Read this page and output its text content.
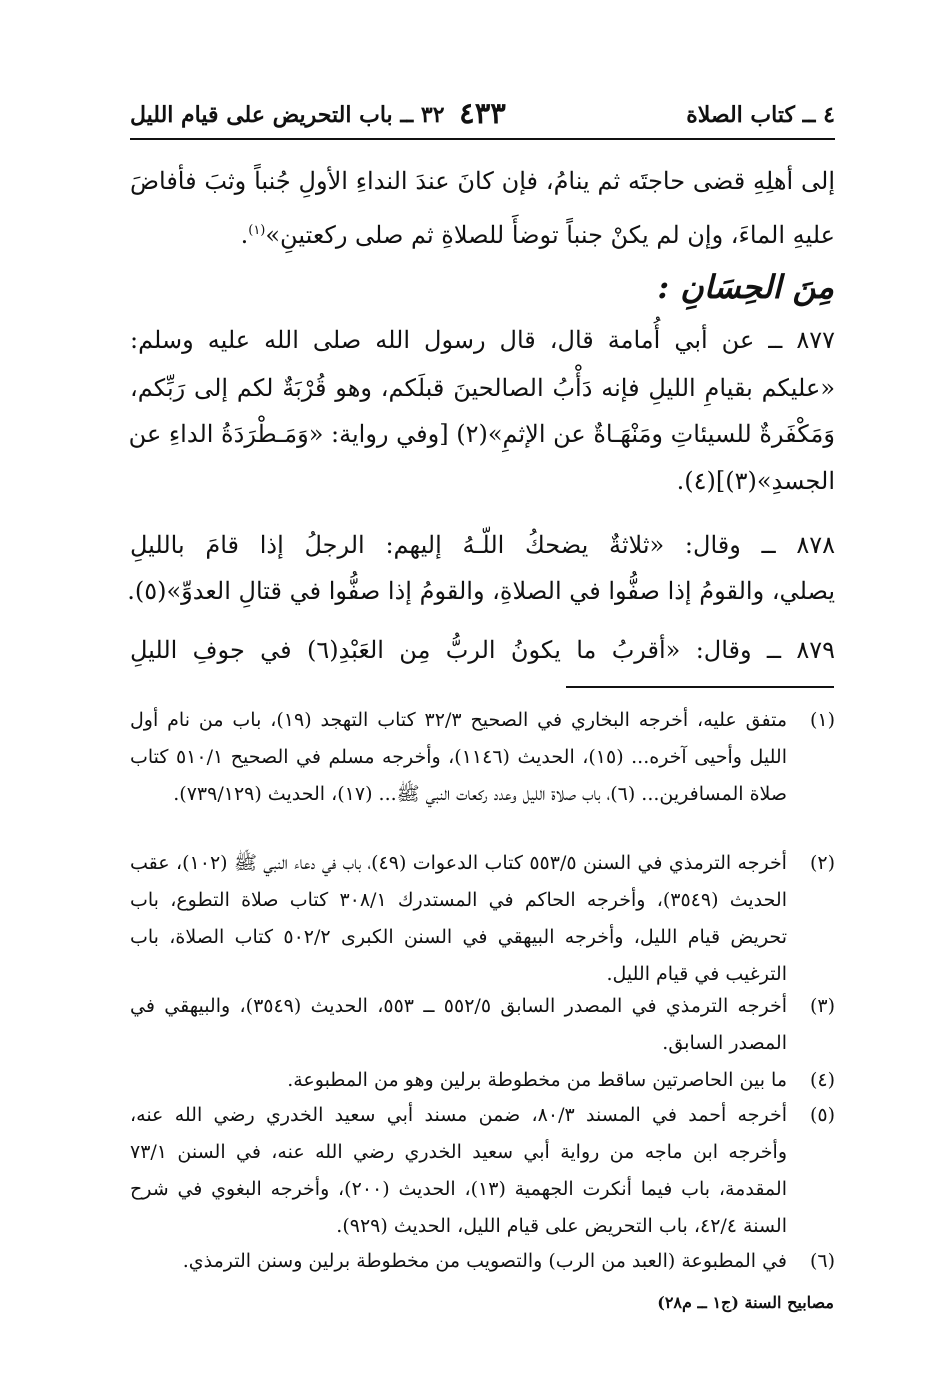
٤ ــ كتاب الصلاة
٤٣٣
٣٢ ــ باب التحريض على قيام الليل
إلى أهلِهِ قضى حاجتَه ثم ينامُ، فإن كانَ عندَ النداءِ الأولِ جُنباً وثبَ فأفاضَ
عليهِ الماءَ، وإن لم يكنْ جنباً توضأَ للصلاةِ ثم صلى ركعتينِ»$^{(١)}$.
مِنَ الحِسَانِ :
٨٧٧ ــ عن أبي أُمامة قال، قال رسول الله صلى الله عليه وسلم:
«عليكم بقيامِ الليلِ فإنه دَأْبُ الصالحينَ قبلَكم، وهو قُرْبَةٌ لكم إلى رَبِّكم،
وَمَكْفَرةٌ للسيئاتِ ومَنْهَـاةٌ عن الإثمِ»(٢) [وفي رواية: «وَمَـطْرَدَةُ الداءِ عن
الجسدِ»(٣)](٤).
٨٧٨ ــ وقال: «ثلاثةٌ يضحكُ اللّـهُ إليهم: الرجلُ إذا قامَ بالليلِ
يصلي، والقومُ إذا صفُّوا في الصلاةِ، والقومُ إذا صفُّوا في قتالِ العدوِّ»(٥).
٨٧٩ ــ وقال: «أقربُ ما يكونُ الربُّ مِن العَبْدِ(٦) في جوفِ الليلِ
(١)
متفق عليه، أخرجه البخاري في الصحيح ٣٢/٣ كتاب التهجد (١٩)، باب من نام أول الليل وأحيى آخره... (١٥)، الحديث (١١٤٦)، وأخرجه مسلم في الصحيح ٥١٠/١ كتاب صلاة المسافرين... (٦)، باب صلاة الليل وعدد ركعات النبي ﷺ... (١٧)، الحديث (٧٣٩/١٢٩).
(٢)
أخرجه الترمذي في السنن ٥٥٣/٥ كتاب الدعوات (٤٩)، باب في دعاء النبي ﷺ (١٠٢)، عقب الحديث (٣٥٤٩)، وأخرجه الحاكم في المستدرك ٣٠٨/١ كتاب صلاة التطوع، باب تحريض قيام الليل، وأخرجه البيهقي في السنن الكبرى ٥٠٢/٢ كتاب الصلاة، باب الترغيب في قيام الليل.
(٣)
أخرجه الترمذي في المصدر السابق ٥٥٢/٥ ــ ٥٥٣، الحديث (٣٥٤٩)، والبيهقي في المصدر السابق.
(٤)
ما بين الحاصرتين ساقط من مخطوطة برلين وهو من المطبوعة.
(٥)
أخرجه أحمد في المسند ٨٠/٣، ضمن مسند أبي سعيد الخدري رضي الله عنه، وأخرجه ابن ماجه من رواية أبي سعيد الخدري رضي الله عنه، في السنن ٧٣/١ المقدمة، باب فيما أنكرت الجهمية (١٣)، الحديث (٢٠٠)، وأخرجه البغوي في شرح السنة ٤٢/٤، باب التحريض على قيام الليل، الحديث (٩٢٩).
(٦)
في المطبوعة (العبد من الرب) والتصويب من مخطوطة برلين وسنن الترمذي.
مصابيح السنة (ج١ ــ م٢٨)
